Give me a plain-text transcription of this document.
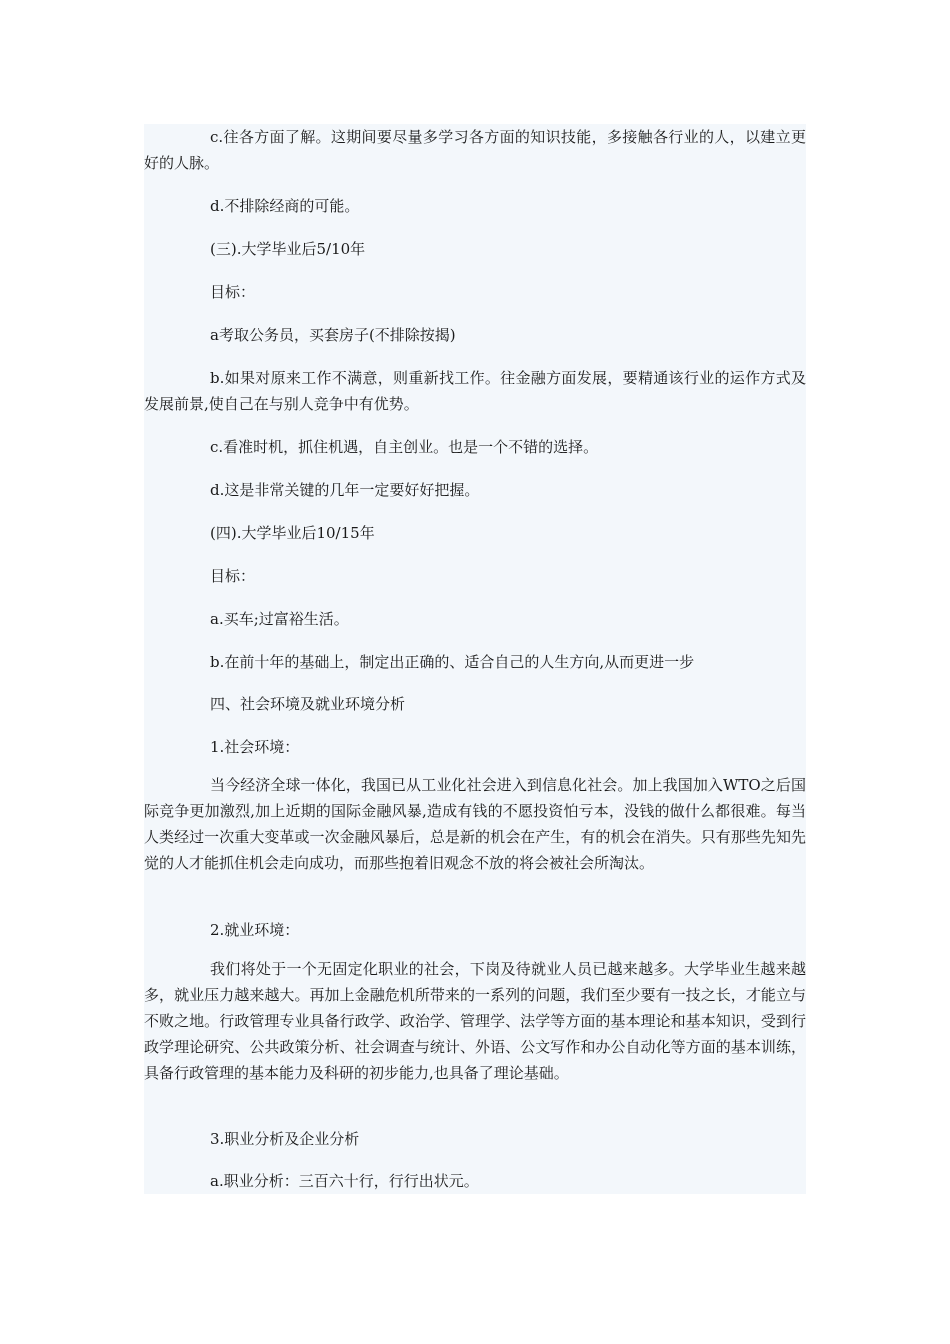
c.往各方面了解。这期间要尽量多学习各方面的知识技能，多接触各行业的人，以建立更好的人脉。
d.不排除经商的可能。
(三).大学毕业后5/10年
目标：
a考取公务员，买套房子(不排除按揭)
b.如果对原来工作不满意，则重新找工作。往金融方面发展，要精通该行业的运作方式及发展前景,使自己在与别人竞争中有优势。
c.看准时机，抓住机遇，自主创业。也是一个不错的选择。
d.这是非常关键的几年一定要好好把握。
(四).大学毕业后10/15年
目标：
a.买车;过富裕生活。
b.在前十年的基础上，制定出正确的、适合自己的人生方向,从而更进一步
四、社会环境及就业环境分析
1.社会环境：
当今经济全球一体化，我国已从工业化社会进入到信息化社会。加上我国加入WTO之后国际竞争更加激烈,加上近期的国际金融风暴,造成有钱的不愿投资怕亏本，没钱的做什么都很难。每当人类经过一次重大变革或一次金融风暴后，总是新的机会在产生，有的机会在消失。只有那些先知先觉的人才能抓住机会走向成功，而那些抱着旧观念不放的将会被社会所淘汰。
2.就业环境：
我们将处于一个无固定化职业的社会，下岗及待就业人员已越来越多。大学毕业生越来越多，就业压力越来越大。再加上金融危机所带来的一系列的问题，我们至少要有一技之长，才能立与不败之地。行政管理专业具备行政学、政治学、管理学、法学等方面的基本理论和基本知识，受到行政学理论研究、公共政策分析、社会调查与统计、外语、公文写作和办公自动化等方面的基本训练，具备行政管理的基本能力及科研的初步能力,也具备了理论基础。
3.职业分析及企业分析
a.职业分析：三百六十行，行行出状元。
